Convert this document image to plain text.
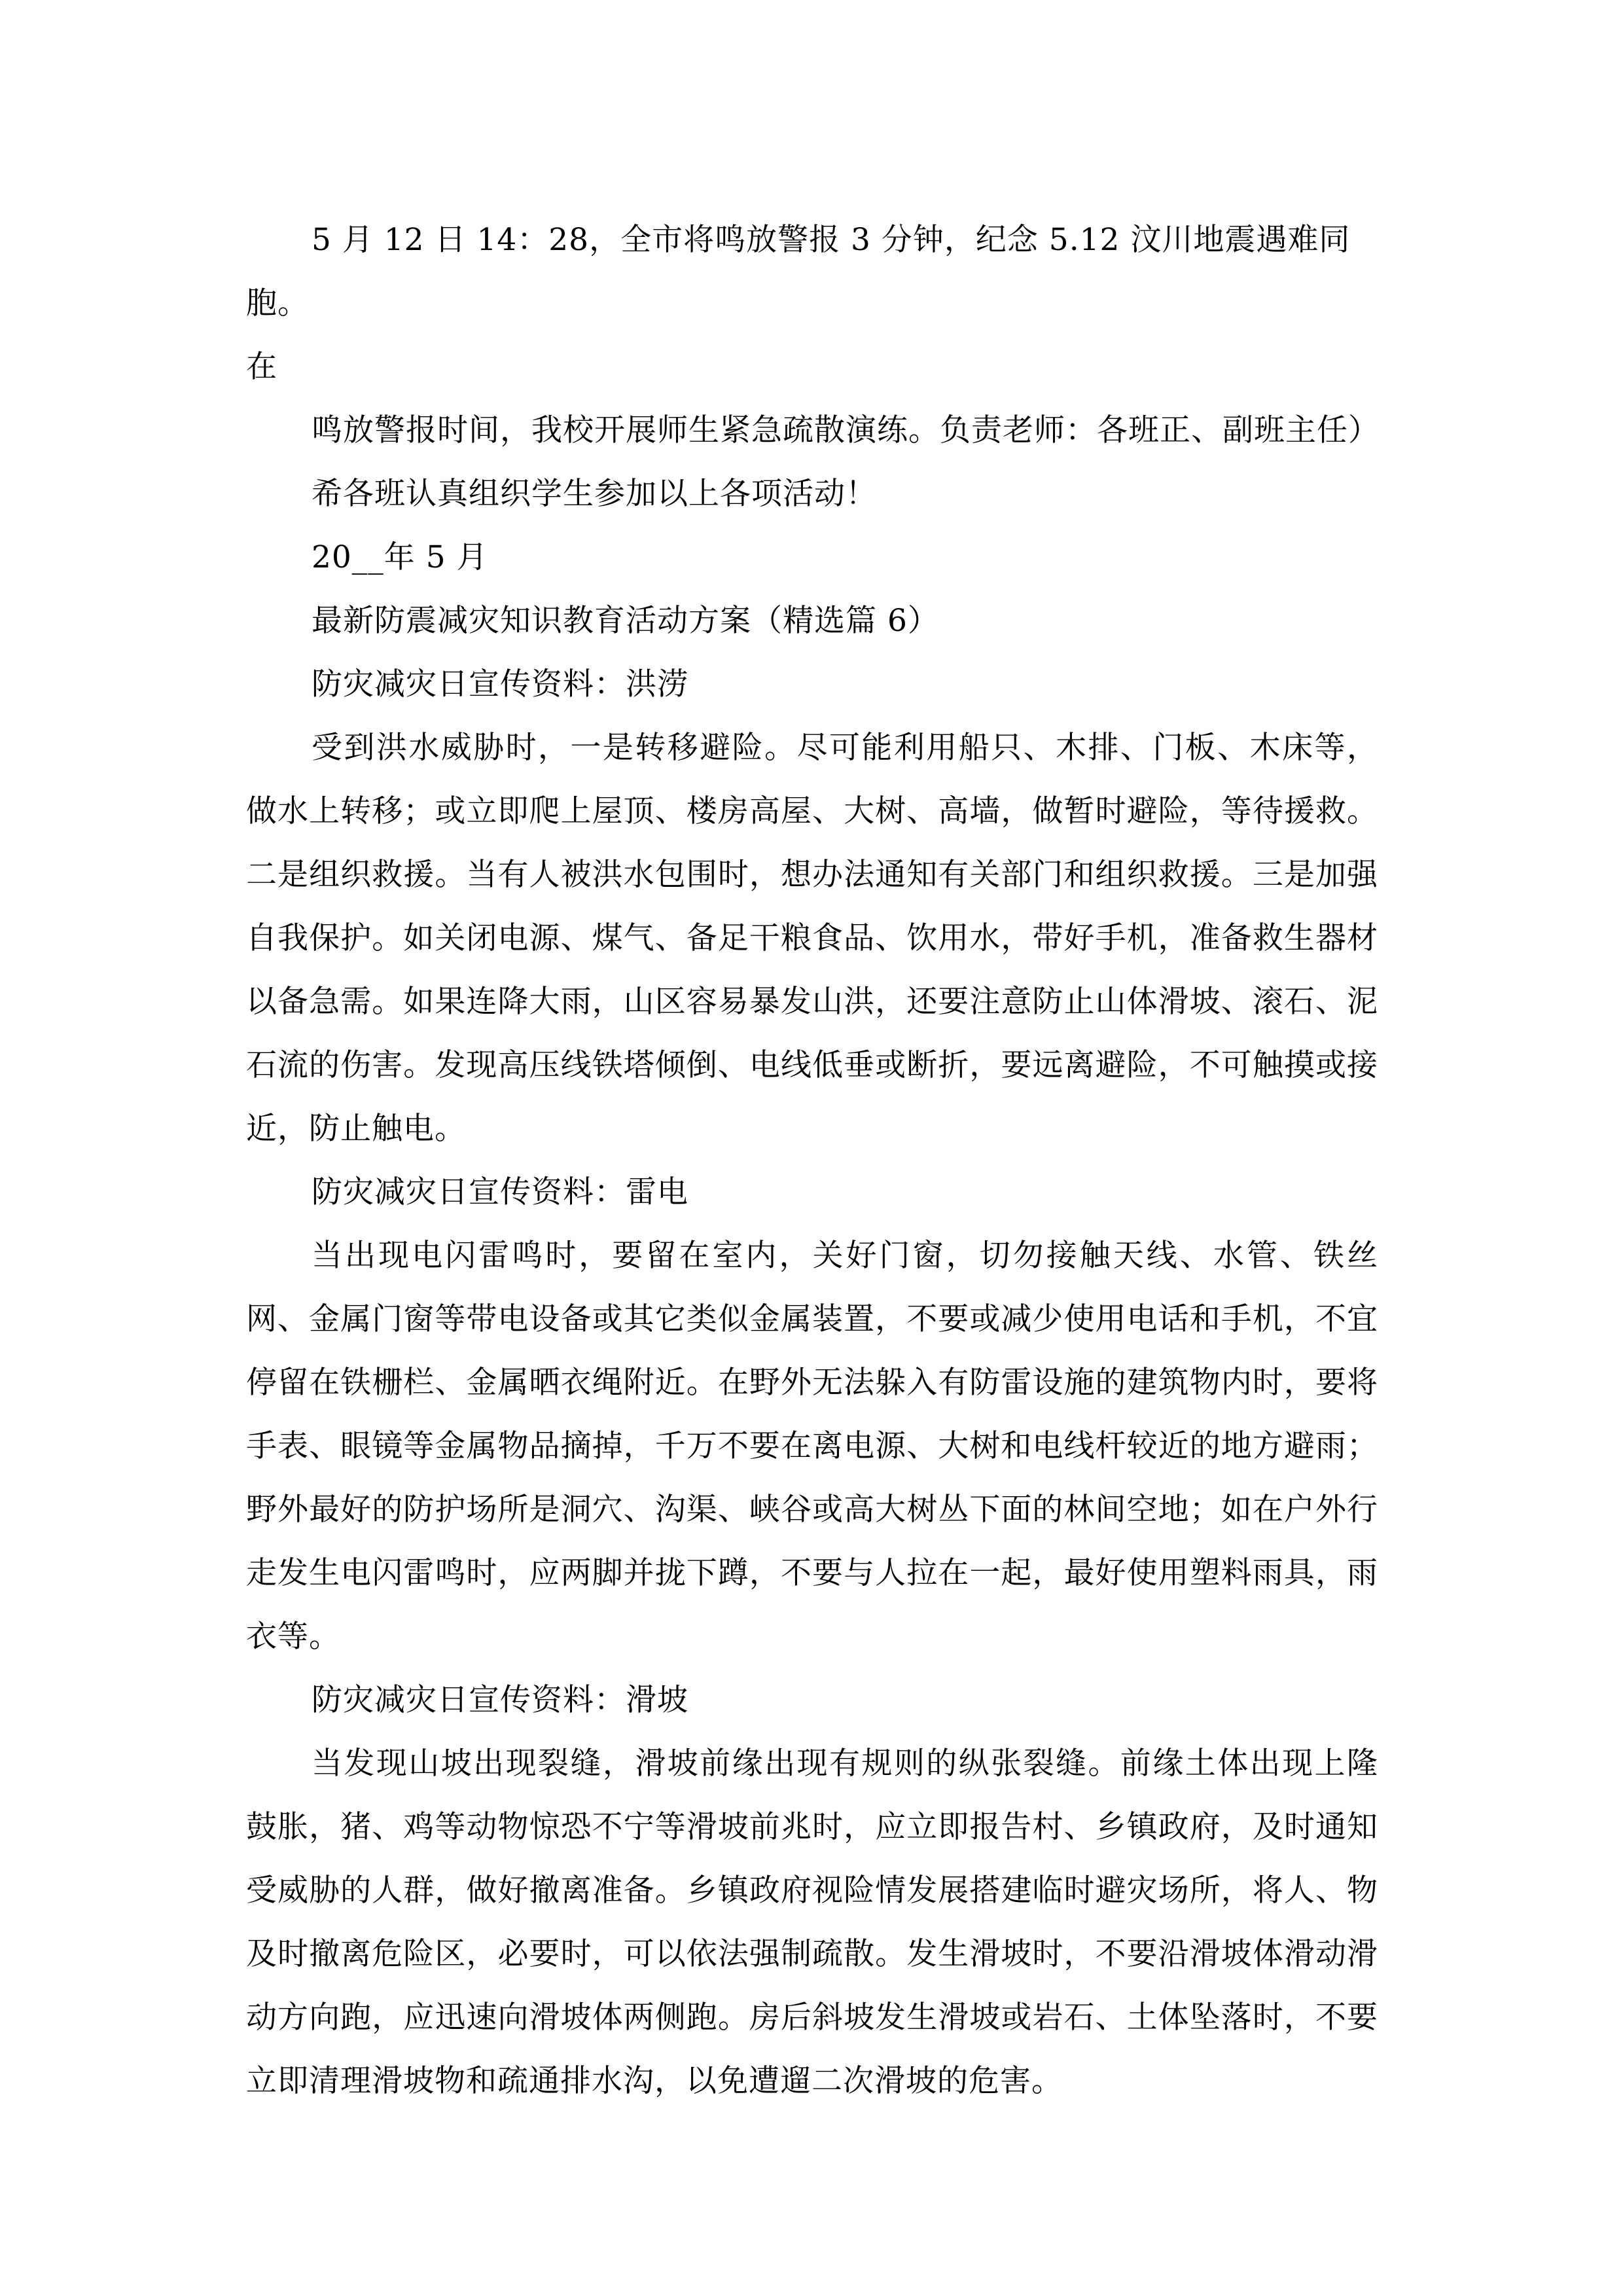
5 月 12 日 14：28，全市将鸣放警报 3 分钟，纪念 5.12 汶川地震遇难同胞。
在

鸣放警报时间，我校开展师生紧急疏散演练。负责老师：各班正、副班主任）

希各班认真组织学生参加以上各项活动！

20__年 5 月

最新防震减灾知识教育活动方案（精选篇 6）

防灾减灾日宣传资料：洪涝

受到洪水威胁时，一是转移避险。尽可能利用船只、木排、门板、木床等，做水上转移；或立即爬上屋顶、楼房高屋、大树、高墙，做暂时避险，等待援救。二是组织救援。当有人被洪水包围时，想办法通知有关部门和组织救援。三是加强自我保护。如关闭电源、煤气、备足干粮食品、饮用水，带好手机，准备救生器材以备急需。如果连降大雨，山区容易暴发山洪，还要注意防止山体滑坡、滚石、泥石流的伤害。发现高压线铁塔倾倒、电线低垂或断折，要远离避险，不可触摸或接近，防止触电。

防灾减灾日宣传资料：雷电

当出现电闪雷鸣时，要留在室内，关好门窗，切勿接触天线、水管、铁丝网、金属门窗等带电设备或其它类似金属装置，不要或减少使用电话和手机，不宜停留在铁栅栏、金属晒衣绳附近。在野外无法躲入有防雷设施的建筑物内时，要将手表、眼镜等金属物品摘掉，千万不要在离电源、大树和电线杆较近的地方避雨；野外最好的防护场所是洞穴、沟渠、峡谷或高大树丛下面的林间空地；如在户外行走发生电闪雷鸣时，应两脚并拢下蹲，不要与人拉在一起，最好使用塑料雨具，雨衣等。

防灾减灾日宣传资料：滑坡

当发现山坡出现裂缝，滑坡前缘出现有规则的纵张裂缝。前缘土体出现上隆鼓胀，猪、鸡等动物惊恐不宁等滑坡前兆时，应立即报告村、乡镇政府，及时通知受威胁的人群，做好撤离准备。乡镇政府视险情发展搭建临时避灾场所，将人、物及时撤离危险区，必要时，可以依法强制疏散。发生滑坡时，不要沿滑坡体滑动滑动方向跑，应迅速向滑坡体两侧跑。房后斜坡发生滑坡或岩石、土体坠落时，不要立即清理滑坡物和疏通排水沟，以免遭遛二次滑坡的危害。
